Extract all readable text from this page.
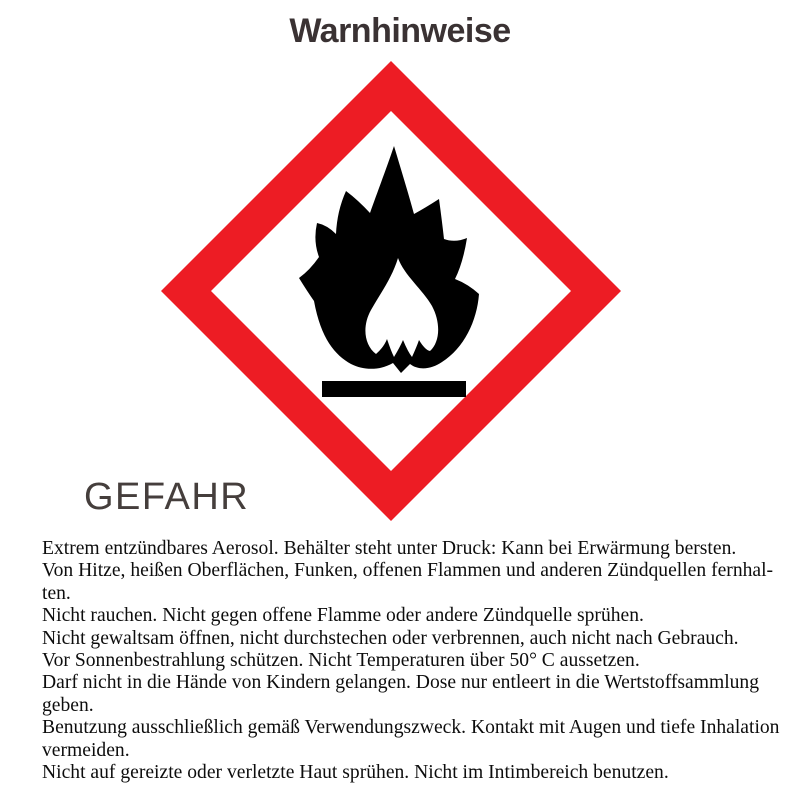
Warnhinweise
GEFAHR
Extrem entzündbares Aerosol. Behälter steht unter Druck: Kann bei Erwärmung bersten.
Von Hitze, heißen Oberflächen, Funken, offenen Flammen und anderen Zündquellen fernhal-
ten.
Nicht rauchen. Nicht gegen offene Flamme oder andere Zündquelle sprühen.
Nicht gewaltsam öffnen, nicht durchstechen oder verbrennen, auch nicht nach Gebrauch.
Vor Sonnenbestrahlung schützen. Nicht Temperaturen über 50° C aussetzen.
Darf nicht in die Hände von Kindern gelangen. Dose nur entleert in die Wertstoffsammlung
geben.
Benutzung ausschließlich gemäß Verwendungszweck. Kontakt mit Augen und tiefe Inhalation
vermeiden.
Nicht auf gereizte oder verletzte Haut sprühen. Nicht im Intimbereich benutzen.
